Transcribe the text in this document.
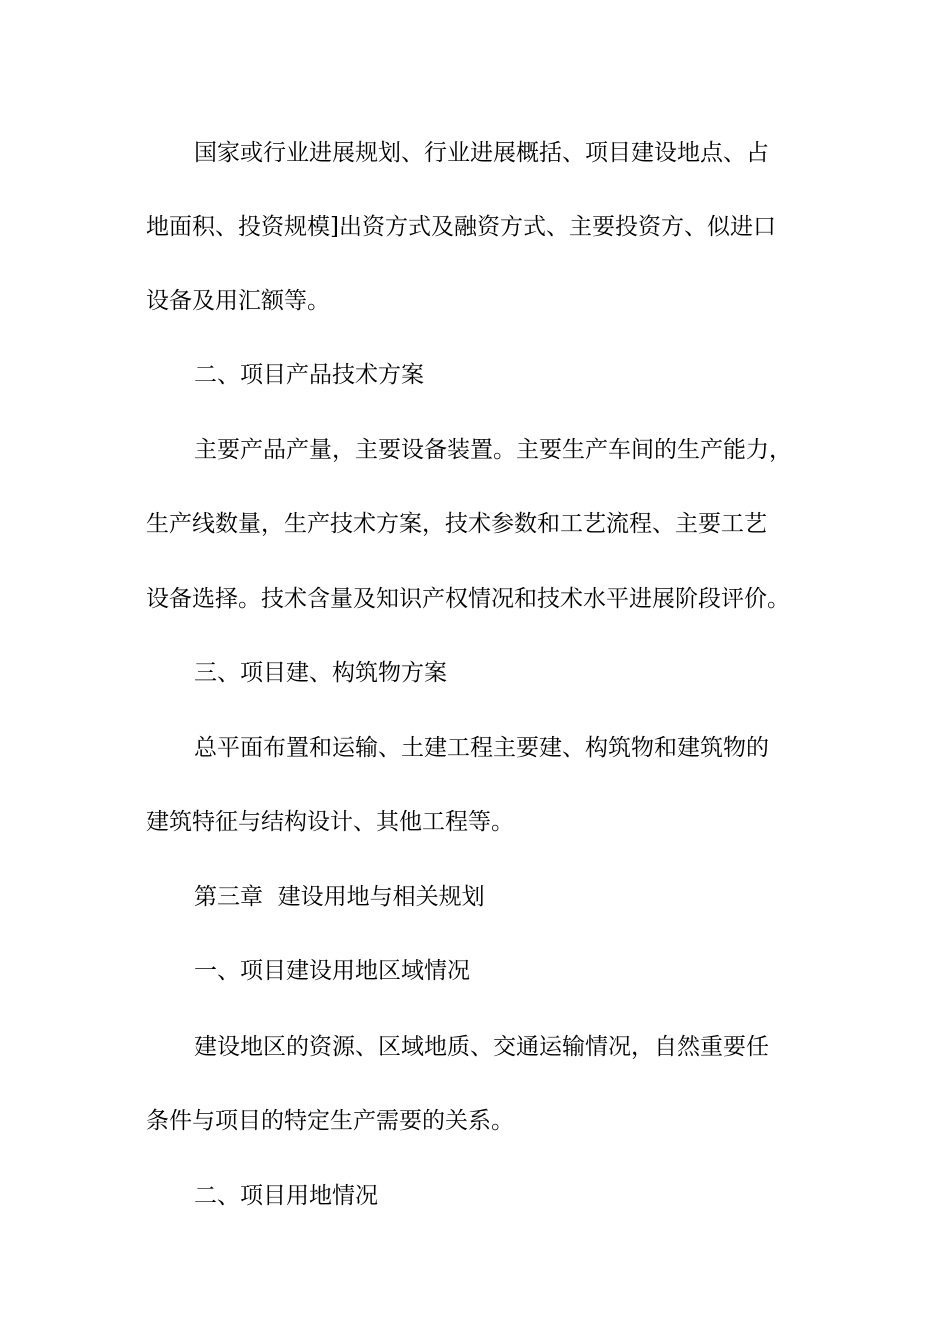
国家或行业进展规划、行业进展概括、项目建设地点、占
地面积、投资规模]出资方式及融资方式、主要投资方、似进口
设备及用汇额等。
二、项目产品技术方案
主要产品产量，主要设备装置。主要生产车间的生产能力，
生产线数量，生产技术方案，技术参数和工艺流程、主要工艺
设备选择。技术含量及知识产权情况和技术水平进展阶段评价。
三、项目建、构筑物方案
总平面布置和运输、土建工程主要建、构筑物和建筑物的
建筑特征与结构设计、其他工程等。
第三章  建设用地与相关规划
一、项目建设用地区域情况
建设地区的资源、区域地质、交通运输情况，自然重要任
条件与项目的特定生产需要的关系。
二、项目用地情况
